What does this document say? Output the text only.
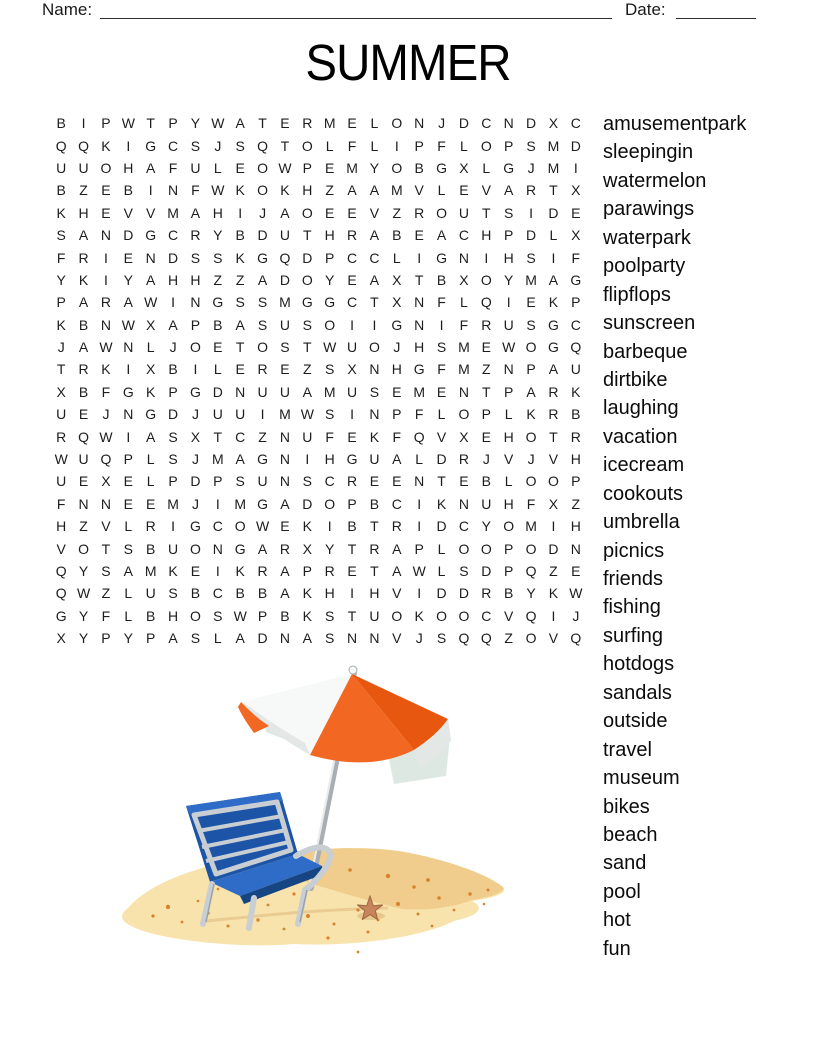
Name:	Date:
SUMMER
B	I	P W T P Y W A T E R M E L O N J D C N D X C
Q Q K	I	G C S	J	S Q T O L	F	L	I	P F	L O P S M D
U U O H A F U L E O W P E M Y O B G X L G J M	I
B Z E B	I	N F W K O K H Z A A M V L E V A R T X
K H E V V M A H	I	J	A O E E V Z R O U T S	I	D E
S A N D G C R Y B D U T H R A B E A C H P D L X
F R	I	E N D S S K G Q D P C C L	I	G N	I	H S	I	F
Y K	I	Y A H H Z Z A D O Y E A X T B X O Y M A G
P A R A W I	N G S S M G G C T X N F	L Q	I	E K P
K B N W X A P B A S U S O	I	I	G N	I	F R U S G C
J	A W N L	J O E T O S T W U O J H S M E W O G Q
T R K	I	X B	I	L E R E Z S X N H G F M Z N P A U
X B F G K P G D N U U A M U S E M E N T P A R K
U E	J N G D J U U	I	M W S	I	N P F	L O P L K R B
R Q W I	A S X T C Z N U F E K F Q V X E H O T R
W U Q P L S	J M A G N	I	H G U A L D R J	V	J	V H
U E X E L P D P S U N S C R E E N T E B L O O P
F N N E E M J	I	M G A D O P B C	I	K N U H F X Z
H Z V L R	I	G C O W E K	I	B T R	I	D C Y O M	I	H
V O T S B U O N G A R X Y T R A P L O O P O D N
Q Y S A M K E	I	K R A P R E T A W L S D P Q Z E
Q W Z	L U S B C B B A K H	I	H V	I	D D R B Y K W
G Y F	L B H O S W P B K S T U O K O O C V Q	I	J
X Y P Y P A S L A D N A S N N V	J	S Q Q Z O V Q
amusementpark
sleepingin
watermelon
parawings
waterpark
poolparty
flipflops
sunscreen
barbeque
dirtbike
laughing
vacation
icecream
cookouts
umbrella
picnics
friends
fishing
surfing
hotdogs
sandals
outside
travel
museum
bikes
beach
sand
pool
hot
fun
